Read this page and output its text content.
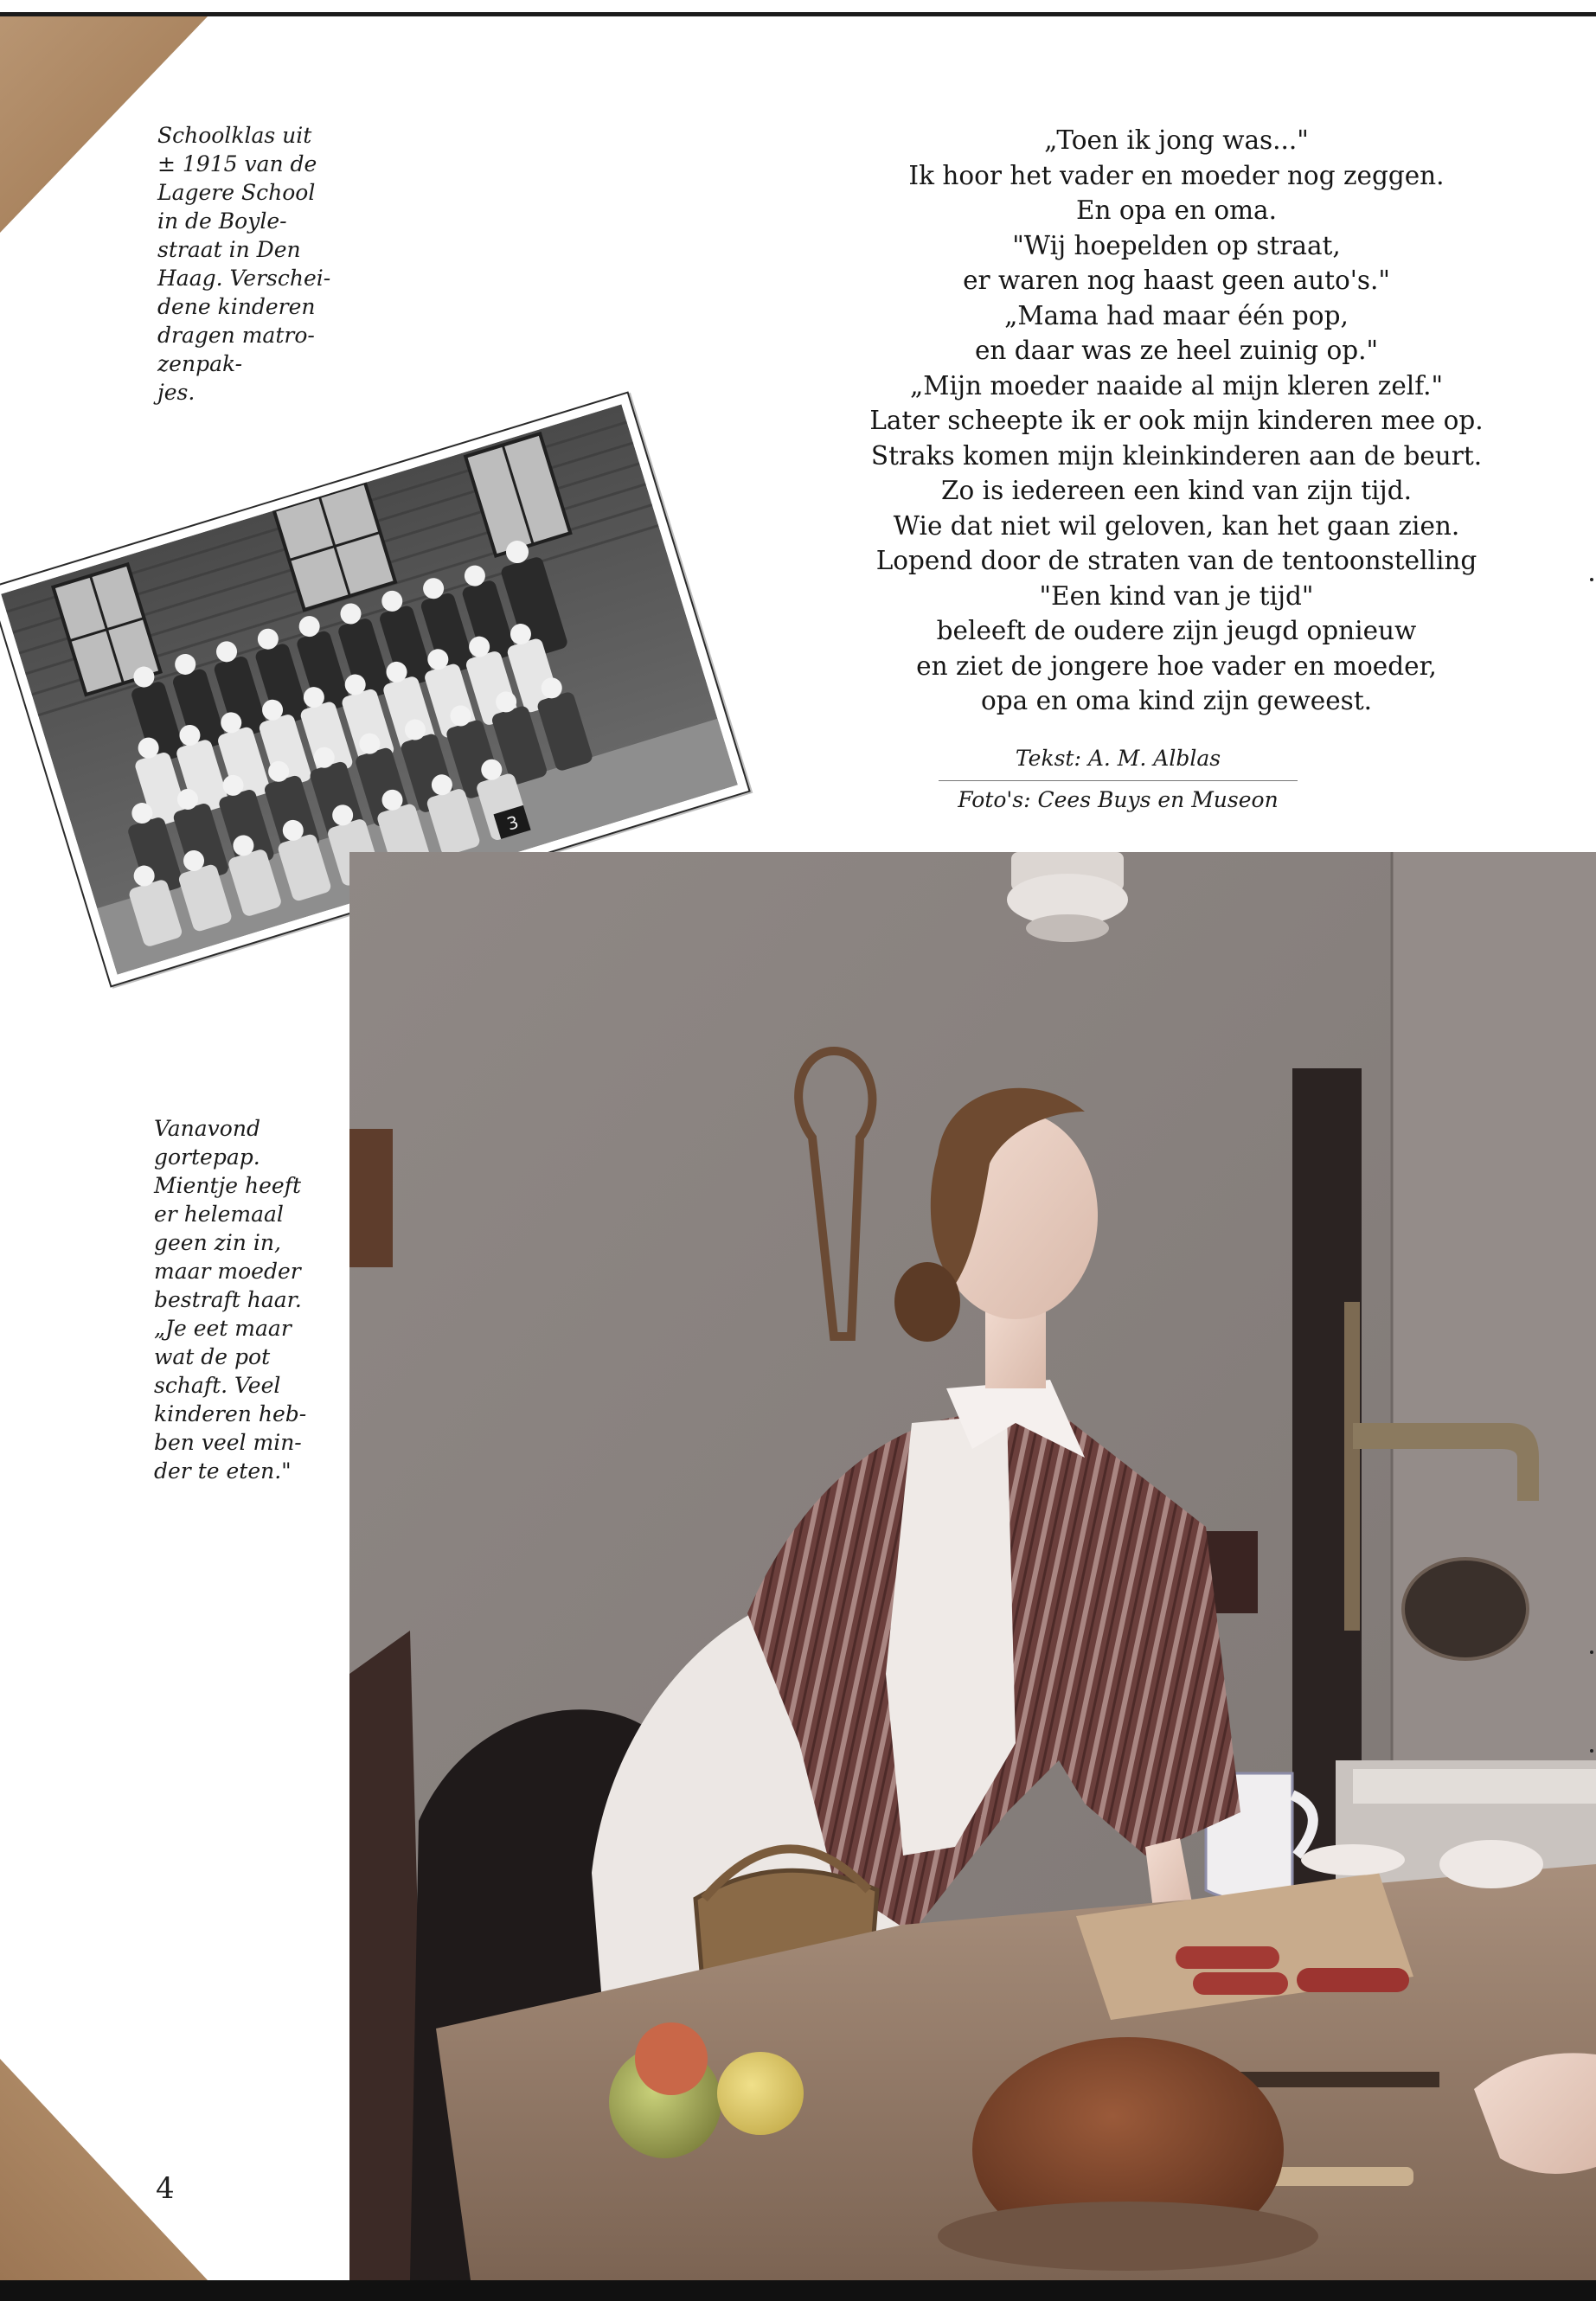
3
Schoolklas uit
± 1915 van de
Lagere School
in de Boyle-
straat in Den
Haag. Verschei-
dene kinderen
dragen matro-
zenpak-
jes.
„Toen ik jong was..."
Ik hoor het vader en moeder nog zeggen.
En opa en oma.
"Wij hoepelden op straat,
er waren nog haast geen auto's."
„Mama had maar één pop,
en daar was ze heel zuinig op."
„Mijn moeder naaide al mijn kleren zelf."
Later scheepte ik er ook mijn kinderen mee op.
Straks komen mijn kleinkinderen aan de beurt.
Zo is iedereen een kind van zijn tijd.
Wie dat niet wil geloven, kan het gaan zien.
Lopend door de straten van de tentoonstelling
"Een kind van je tijd"
beleeft de oudere zijn jeugd opnieuw
en ziet de jongere hoe vader en moeder,
opa en oma kind zijn geweest.
Tekst: A. M. Alblas
Foto's: Cees Buys en Museon
Vanavond
gortepap.
Mientje heeft
er helemaal
geen zin in,
maar moeder
bestraft haar.
„Je eet maar
wat de pot
schaft. Veel
kinderen heb-
ben veel min-
der te eten."
4
